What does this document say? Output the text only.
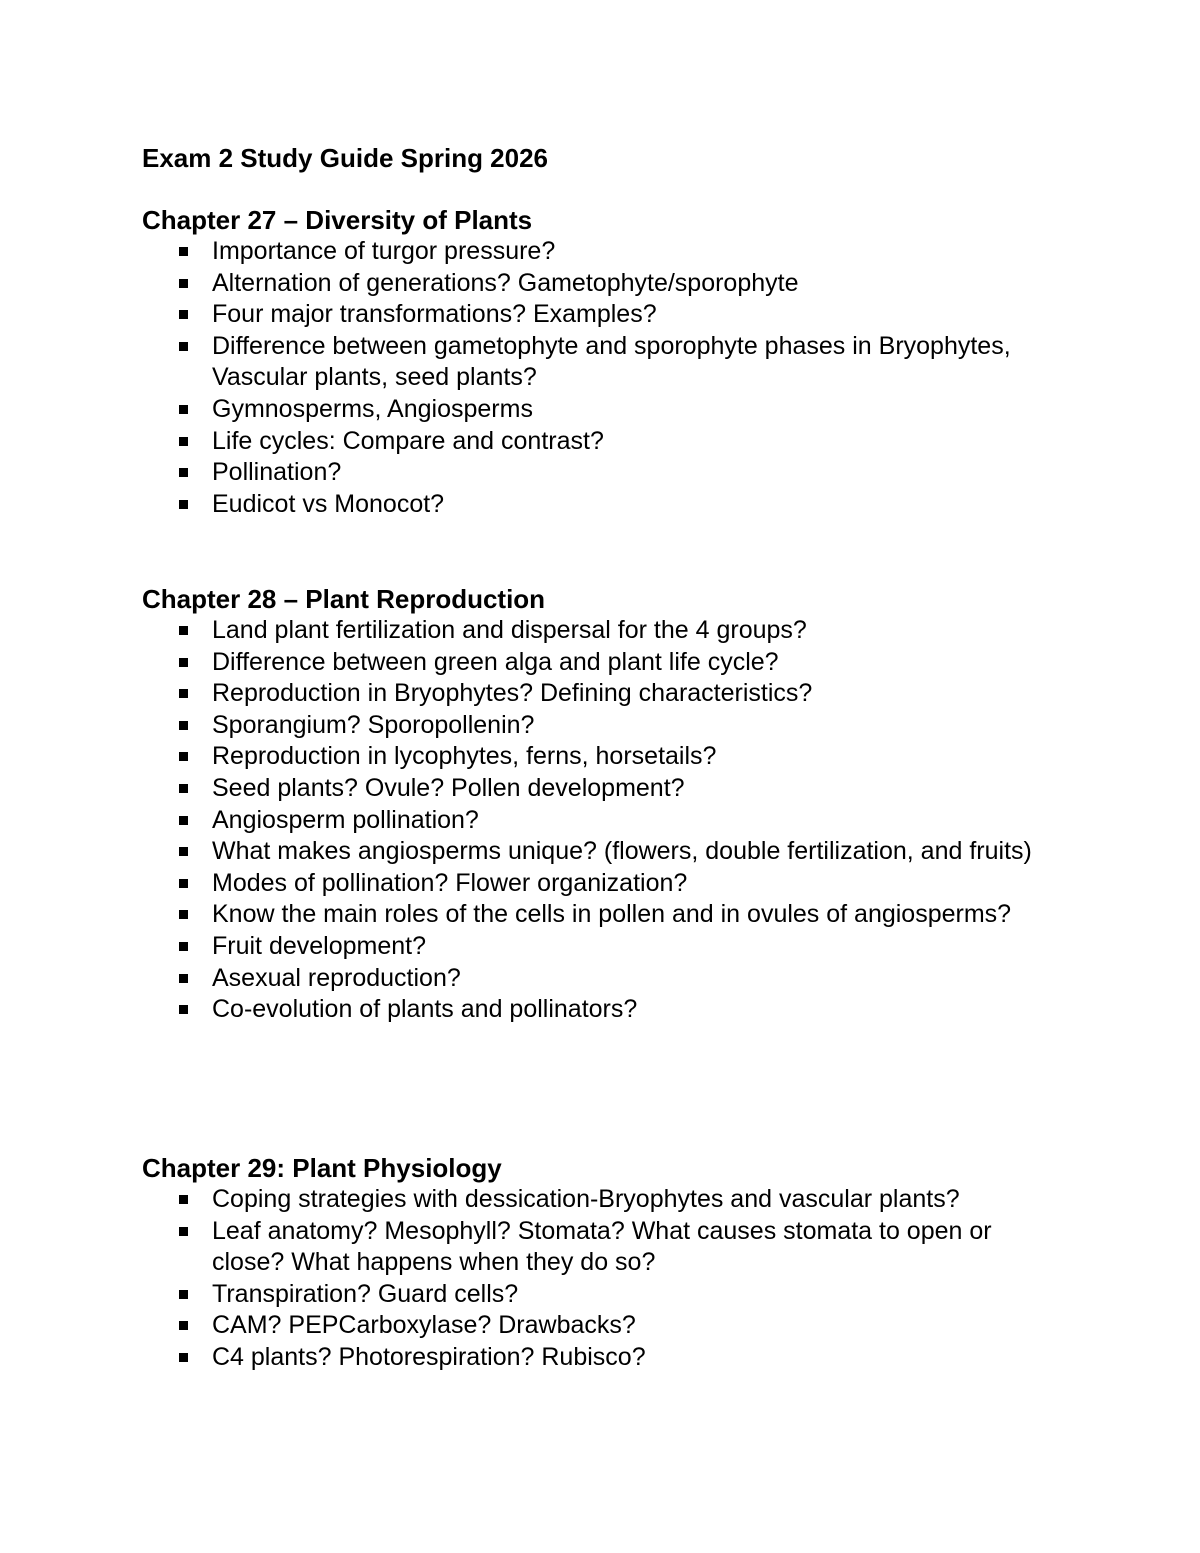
Exam 2 Study Guide Spring 2026
Chapter 27 – Diversity of Plants
Importance of turgor pressure?
Alternation of generations? Gametophyte/sporophyte
Four major transformations? Examples?
Difference between gametophyte and sporophyte phases in Bryophytes, Vascular plants, seed plants?
Gymnosperms, Angiosperms
Life cycles: Compare and contrast?
Pollination?
Eudicot vs Monocot?
Chapter 28 – Plant Reproduction
Land plant fertilization and dispersal for the 4 groups?
Difference between green alga and plant life cycle?
Reproduction in Bryophytes? Defining characteristics?
Sporangium? Sporopollenin?
Reproduction in lycophytes, ferns, horsetails?
Seed plants? Ovule? Pollen development?
Angiosperm pollination?
What makes angiosperms unique? (flowers, double fertilization, and fruits)
Modes of pollination? Flower organization?
Know the main roles of the cells in pollen and in ovules of angiosperms?
Fruit development?
Asexual reproduction?
Co-evolution of plants and pollinators?
Chapter 29: Plant Physiology
Coping strategies with dessication-Bryophytes and vascular plants?
Leaf anatomy? Mesophyll? Stomata? What causes stomata to open or close? What happens when they do so?
Transpiration? Guard cells?
CAM? PEPCarboxylase? Drawbacks?
C4 plants? Photorespiration? Rubisco?
